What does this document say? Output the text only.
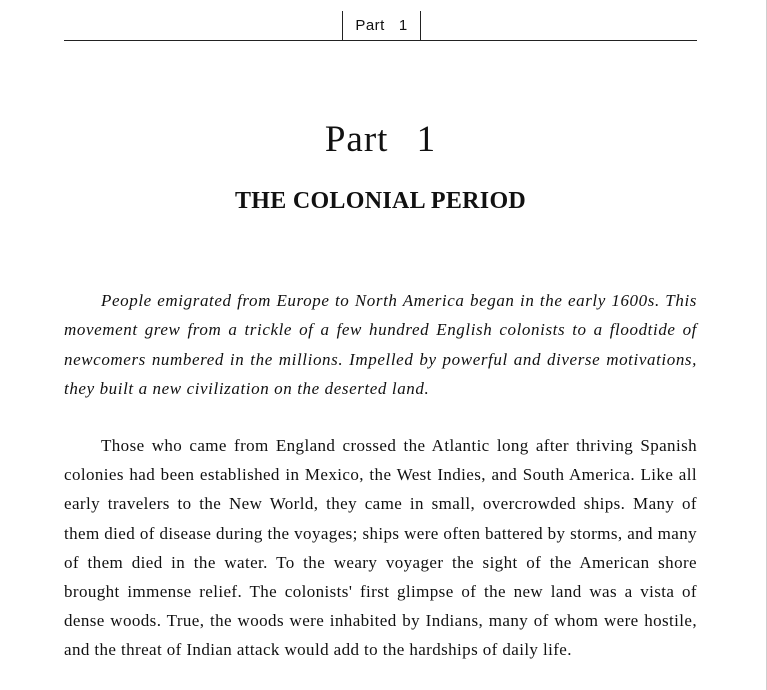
Part   1
Part 1
THE COLONIAL PERIOD

People emigrated from Europe to North America began in the early 1600s. This movement grew from a trickle of a few hundred English colonists to a floodtide of newcomers numbered in the millions. Impelled by powerful and diverse motivations, they built a new civilization on the deserted land.

Those who came from England crossed the Atlantic long after thriving Spanish colonies had been established in Mexico, the West Indies, and South America. Like all early travelers to the New World, they came in small, overcrowded ships. Many of them died of disease during the voyages; ships were often battered by storms, and many of them died in the water. To the weary voyager the sight of the American shore brought immense relief. The colonists' first glimpse of the new land was a vista of dense woods. True, the woods were inhabited by Indians, many of whom were hostile, and the threat of Indian attack would add to the hardships of daily life.
